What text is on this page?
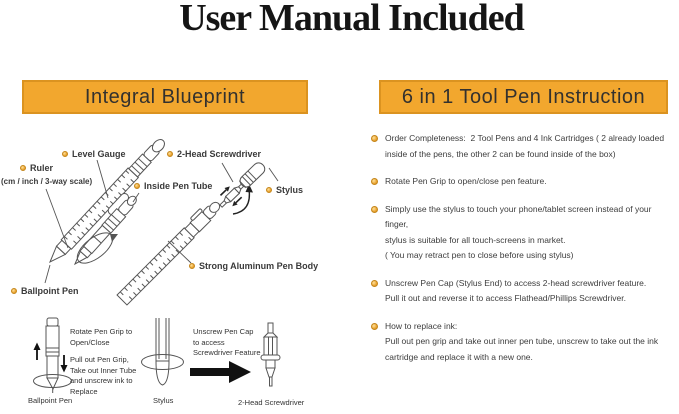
User Manual Included
Integral Blueprint	6 in 1 Tool Pen Instruction
Level Gauge
Ruler
(cm / inch / 3-way scale)
2-Head Screwdriver
Inside Pen Tube	Stylus
Strong Aluminum Pen Body
Ballpoint Pen
Rotate Pen Grip to
Open/Close
Pull out Pen Grip,
Take out Inner Tube
and unscrew ink to
Replace
Unscrew Pen Cap
to access
Screwdriver Feature
Ballpoint Pen	Stylus	2-Head Screwdriver
Order Completeness:  2 Tool Pens and 4 Ink Cartridges ( 2 already loaded
inside of the pens, the other 2 can be found inside of the box)
Rotate Pen Grip to open/close pen feature.
Simply use the stylus to touch your phone/tablet screen instead of your finger,
stylus is suitable for all touch-screens in market.
( You may retract pen to close before using stylus)
Unscrew Pen Cap (Stylus End) to access 2-head screwdriver feature.
Pull it out and reverse it to access Flathead/Phillips Screwdriver.
How to replace ink:
Pull out pen grip and take out inner pen tube, unscrew to take out the ink
cartridge and replace it with a new one.
